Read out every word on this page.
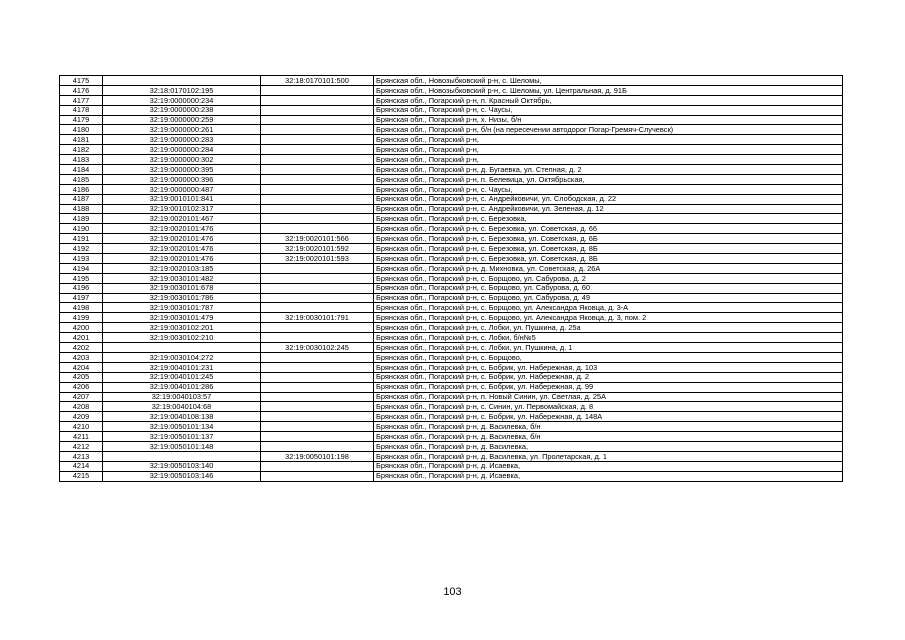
4175		32:18:0170101:500	Брянская обл., Новозыбковский р-н, с. Шеломы,
4176	32:18:0170102:195		Брянская обл., Новозыбковский р-н, с. Шеломы, ул. Центральная, д. 91Б
4177	32:19:0000000:234		Брянская обл., Погарский р-н, п. Красный Октябрь,
4178	32:19:0000000:238		Брянская обл., Погарский р-н, с. Чаусы,
4179	32:19:0000000:259		Брянская обл., Погарский р-н, х. Низы, б/н
4180	32:19:0000000:261		Брянская обл., Погарский р-н, б/н (на пересечении автодорог Погар-Гремяч-Случевск)
4181	32:19:0000000:283		Брянская обл., Погарский р-н,
4182	32:19:0000000:284		Брянская обл., Погарский р-н,
4183	32:19:0000000:302		Брянская обл., Погарский р-н,
4184	32:19:0000000:395		Брянская обл., Погарский р-н, д. Бугаевка, ул. Степная, д. 2
4185	32:19:0000000:396		Брянская обл., Погарский р-н, п. Белевица, ул. Октябрьская,
4186	32:19:0000000:487		Брянская обл., Погарский р-н, с. Чаусы,
4187	32:19:0010101:841		Брянская обл., Погарский р-н, с. Андрейковичи, ул. Слободская, д. 22
4188	32:19:0010102:317		Брянская обл., Погарский р-н, с. Андрейковичи, ул. Зеленая, д. 12
4189	32:19:0020101:467		Брянская обл., Погарский р-н, с. Березовка,
4190	32:19:0020101:476		Брянская обл., Погарский р-н, с. Березовка, ул. Советская, д. 66
4191	32:19:0020101:476	32:19:0020101:566	Брянская обл., Погарский р-н, с. Березовка, ул. Советская, д. 6Б
4192	32:19:0020101:476	32:19:0020101:592	Брянская обл., Погарский р-н, с. Березовка, ул. Советская, д. 8Б
4193	32:19:0020101:476	32:19:0020101:593	Брянская обл., Погарский р-н, с. Березовка, ул. Советская, д. 8Б
4194	32:19:0020103:185		Брянская обл., Погарский р-н, д. Михновка, ул. Советская, д. 26А
4195	32:19:0030101:482		Брянская обл., Погарский р-н, с. Борщово, ул. Сабурова, д. 2
4196	32:19:0030101:678		Брянская обл., Погарский р-н, с. Борщово, ул. Сабурова, д. 60
4197	32:19:0030101:786		Брянская обл., Погарский р-н, с. Борщово, ул. Сабурова, д. 49
4198	32:19:0030101:787		Брянская обл., Погарский р-н, с. Борщово, ул. Александра Яковца, д. 3-А
4199	32:19:0030101:479	32:19:0030101:791	Брянская обл., Погарский р-н, с. Борщово, ул. Александра Яковца, д. 3, пом. 2
4200	32:19:0030102:201		Брянская обл., Погарский р-н, с. Лобки, ул. Пушкина, д. 25а
4201	32:19:0030102:210		Брянская обл., Погарский р-н, с. Лобки, б/н№5
4202		32:19:0030102:245	Брянская обл., Погарский р-н, с. Лобки, ул. Пушкина, д. 1
4203	32:19:0030104:272		Брянская обл., Погарский р-н, с. Борщово,
4204	32:19:0040101:231		Брянская обл., Погарский р-н, с. Бобрик, ул. Набережная, д. 103
4205	32:19:0040101:245		Брянская обл., Погарский р-н, с. Бобрик, ул. Набережная, д. 2
4206	32:19:0040101:286		Брянская обл., Погарский р-н, с. Бобрик, ул. Набережная, д. 99
4207	32:19:0040103:57		Брянская обл., Погарский р-н, п. Новый Синин, ул. Светлая, д. 25А
4208	32:19:0040104:68		Брянская обл., Погарский р-н, с. Синин, ул. Первомайская, д. 8
4209	32:19:0040108:138		Брянская обл., Погарский р-н, с. Бобрик, ул. Набережная, д. 148А
4210	32:19:0050101:134		Брянская обл., Погарский р-н, д. Василевка, б/н
4211	32:19:0050101:137		Брянская обл., Погарский р-н, д. Василевка, б/н
4212	32:19:0050101:148		Брянская обл., Погарский р-н, д. Василевка,
4213		32:19:0050101:198	Брянская обл., Погарский р-н, д. Василевка, ул. Пролетарская, д. 1
4214	32:19:0050103:140		Брянская обл., Погарский р-н, д. Исаевка,
4215	32:19:0050103:146		Брянская обл., Погарский р-н, д. Исаевка,
103
